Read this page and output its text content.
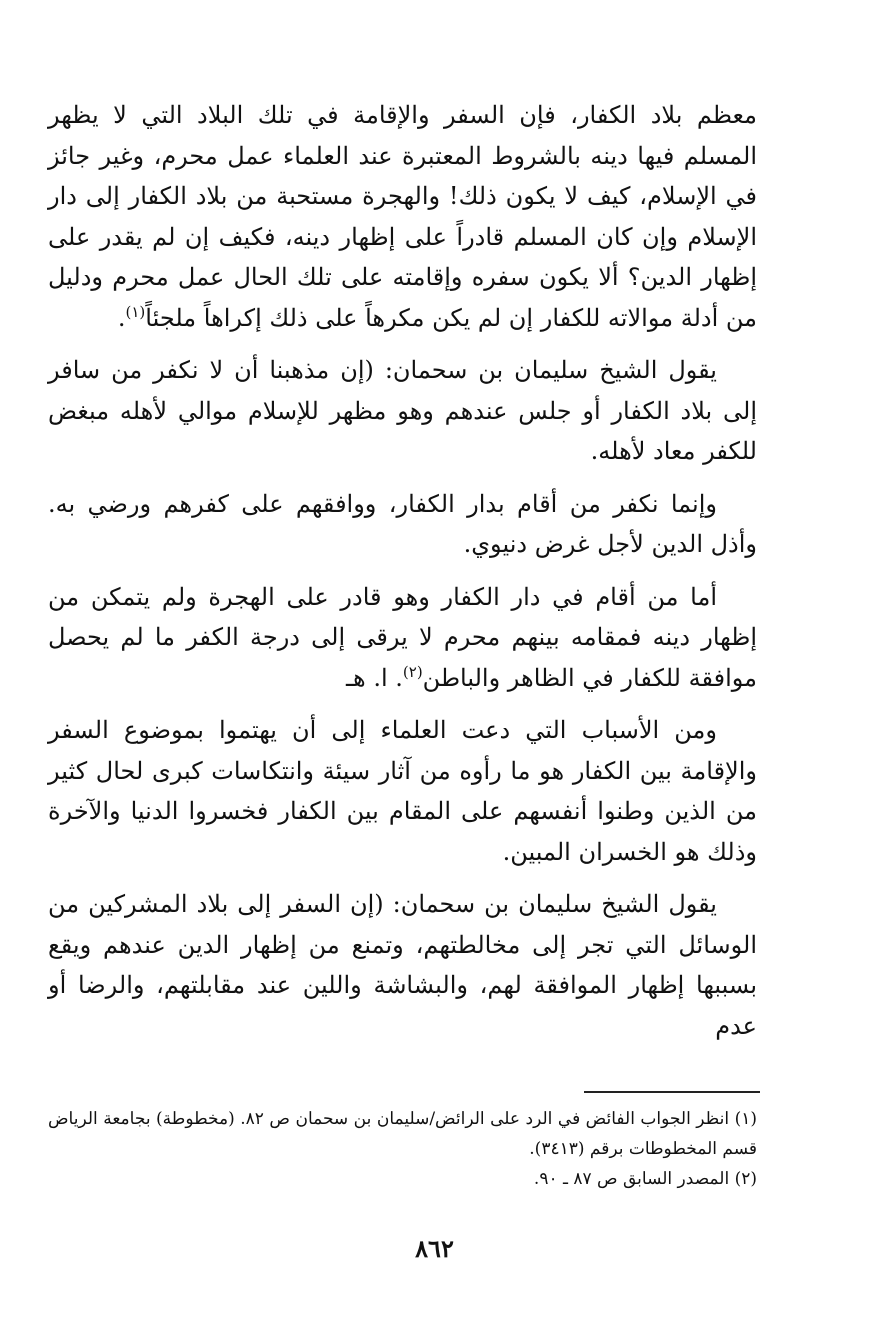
معظم بلاد الكفار، فإن السفر والإقامة في تلك البلاد التي لا يظهر المسلم فيها دينه بالشروط المعتبرة عند العلماء عمل محرم، وغير جائز في الإسلام، كيف لا يكون ذلك! والهجرة مستحبة من بلاد الكفار إلى دار الإسلام وإن كان المسلم قادراً على إظهار دينه، فكيف إن لم يقدر على إظهار الدين؟ ألا يكون سفره وإقامته على تلك الحال عمل محرم ودليل من أدلة موالاته للكفار إن لم يكن مكرهاً على ذلك إكراهاً ملجئاً$^{(١)}$.

يقول الشيخ سليمان بن سحمان: (إن مذهبنا أن لا نكفر من سافر إلى بلاد الكفار أو جلس عندهم وهو مظهر للإسلام موالي لأهله مبغض للكفر معاد لأهله.

وإنما نكفر من أقام بدار الكفار، ووافقهم على كفرهم ورضي به. وأذل الدين لأجل غرض دنيوي.

أما من أقام في دار الكفار وهو قادر على الهجرة ولم يتمكن من إظهار دينه فمقامه بينهم محرم لا يرقى إلى درجة الكفر ما لم يحصل موافقة للكفار في الظاهر والباطن$^{(٢)}$. ا. هـ

ومن الأسباب التي دعت العلماء إلى أن يهتموا بموضوع السفر والإقامة بين الكفار هو ما رأوه من آثار سيئة وانتكاسات كبرى لحال كثير من الذين وطنوا أنفسهم على المقام بين الكفار فخسروا الدنيا والآخرة وذلك هو الخسران المبين.

يقول الشيخ سليمان بن سحمان: (إن السفر إلى بلاد المشركين من الوسائل التي تجر إلى مخالطتهم، وتمنع من إظهار الدين عندهم ويقع بسببها إظهار الموافقة لهم، والبشاشة واللين عند مقابلتهم، والرضا أو عدم

(١) انظر الجواب الفائض في الرد على الرائض/سليمان بن سحمان ص ٨٢. (مخطوطة) بجامعة الرياض قسم المخطوطات برقم (٣٤١٣).

(٢) المصدر السابق ص ٨٧ ـ ٩٠.

٨٦٢
